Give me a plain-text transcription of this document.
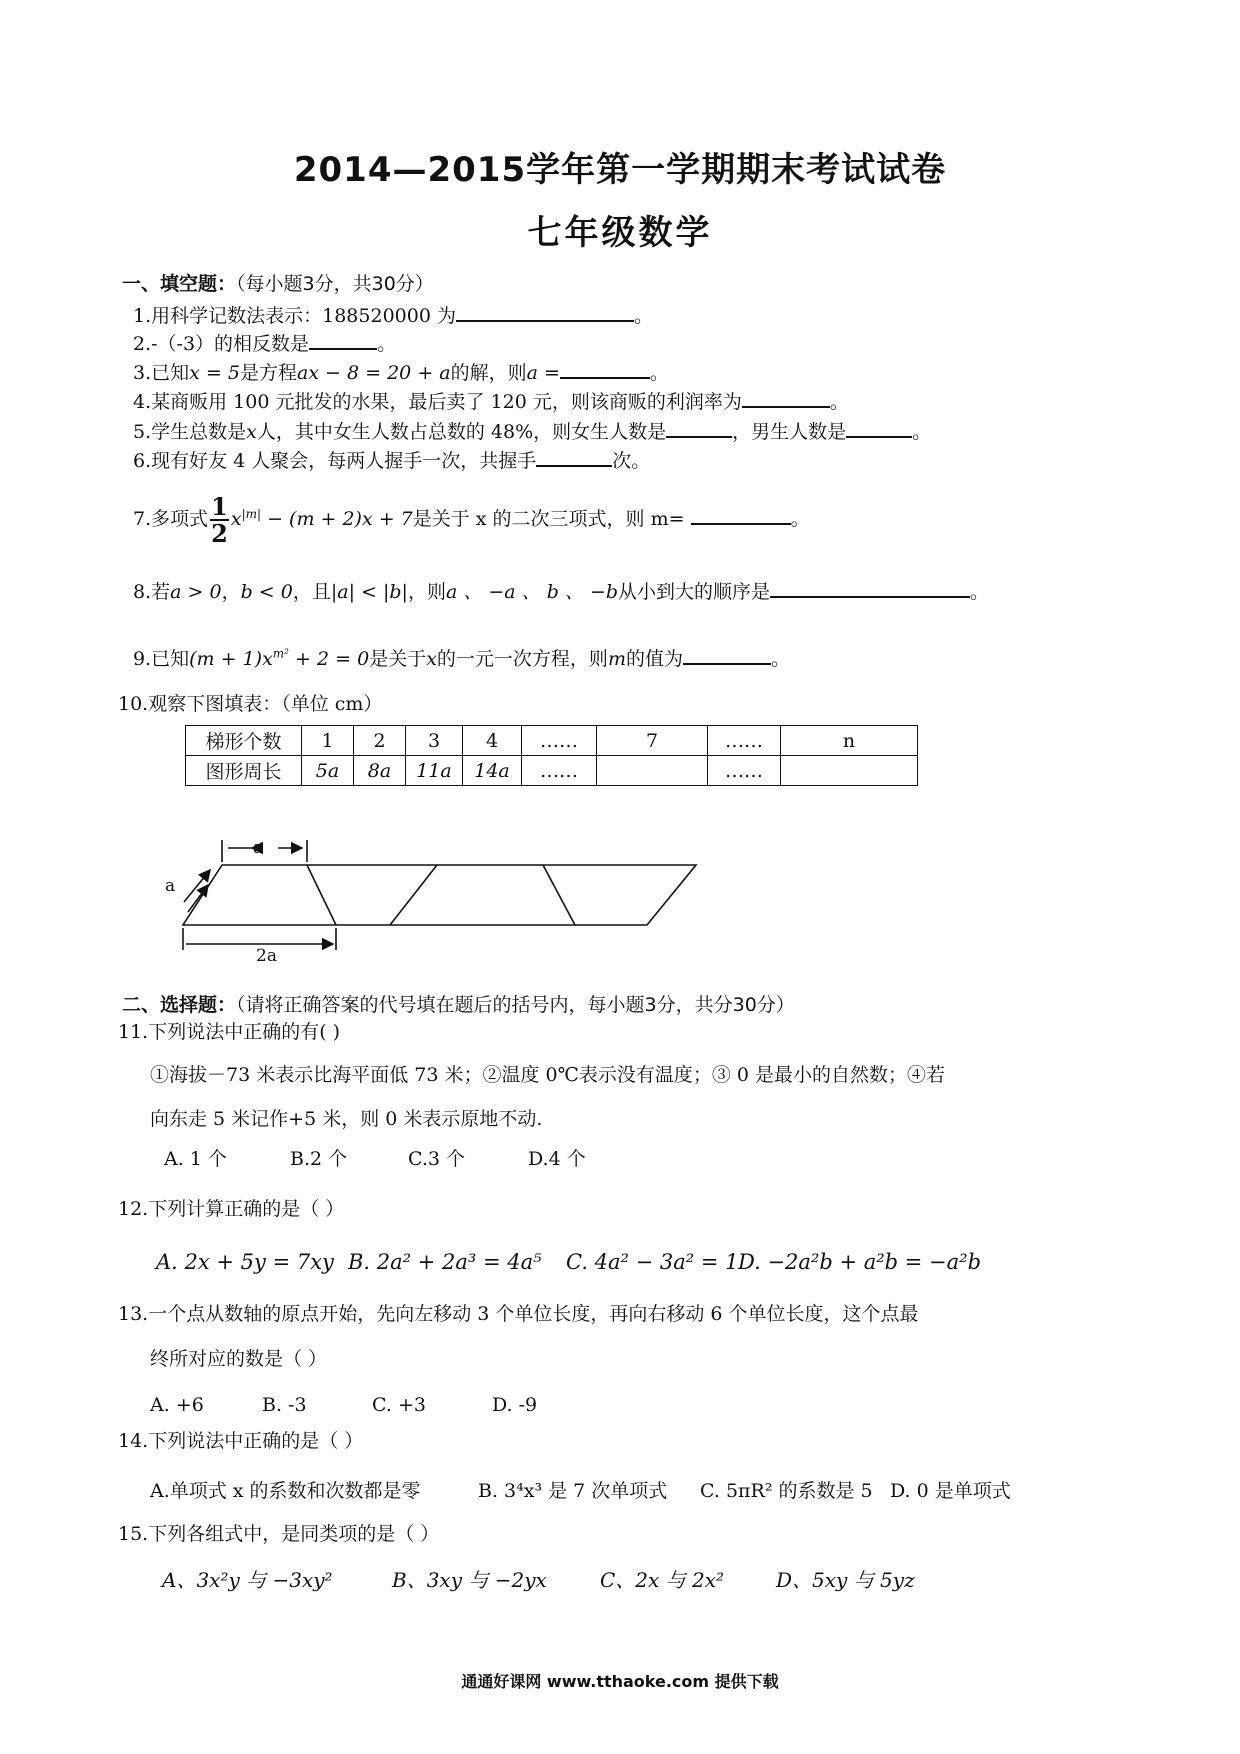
2014—2015学年第一学期期末考试试卷
七年级数学
一、填空题：（每小题3分，共30分）
1.用科学记数法表示：188520000 为	。
2.-（-3）的相反数是	。
3.已知x = 5是方程ax − 8 = 20 + a的解，则a =	。
4.某商贩用 100 元批发的水果，最后卖了 120 元，则该商贩的利润率为	。
5.学生总数是x人，其中女生人数占总数的 48%，则女生人数是	，男生人数是	。
6.现有好友 4 人聚会，每两人握手一次，共握手	次。
7.多项式 $\frac{1}{2} x^{|m|} - (m + 2)x + 7$是关于 x 的二次三项式，则 m=	。
8.若a > 0，b < 0，且|a| < |b|，则a 、 −a 、 b 、 −b从小到大的顺序是	。
9.已知$(m + 1)x^{m^2} + 2 = 0$是关于x的一元一次方程，则m的值为	。
10.观察下图填表：（单位 cm）
梯形个数	1	2	3	4	……	7	……	n
图形周长	5a	8a	11a	14a	……		……	
a
a
2a
二、选择题：（请将正确答案的代号填在题后的括号内，每小题3分，共分30分）
11.下列说法中正确的有( )
①海拔－73 米表示比海平面低 73 米；②温度 0℃表示没有温度；③ 0 是最小的自然数；④若
向东走 5 米记作+5 米，则 0 米表示原地不动.
A. 1 个	B.2 个	C.3 个	D.4 个
12.下列计算正确的是（ ）
A. 2x + 5y = 7xy B. 2a² + 2a³ = 4a⁵ C. 4a² − 3a² = 1 D. −2a²b + a²b = −a²b
13.一个点从数轴的原点开始，先向左移动 3 个单位长度，再向右移动 6 个单位长度，这个点最
终所对应的数是（ ）
A. +6	B. -3	C. +3	D. -9
14.下列说法中正确的是（ ）
A.单项式 x 的系数和次数都是零	B. 3⁴x³ 是 7 次单项式 C. 5πR² 的系数是 5 D. 0 是单项式
15.下列各组式中，是同类项的是（ ）
A、3x²y 与 −3xy²	B、3xy 与 −2yx	C、2x 与 2x²	D、5xy 与 5yz
通通好课网 www.tthaoke.com 提供下载
